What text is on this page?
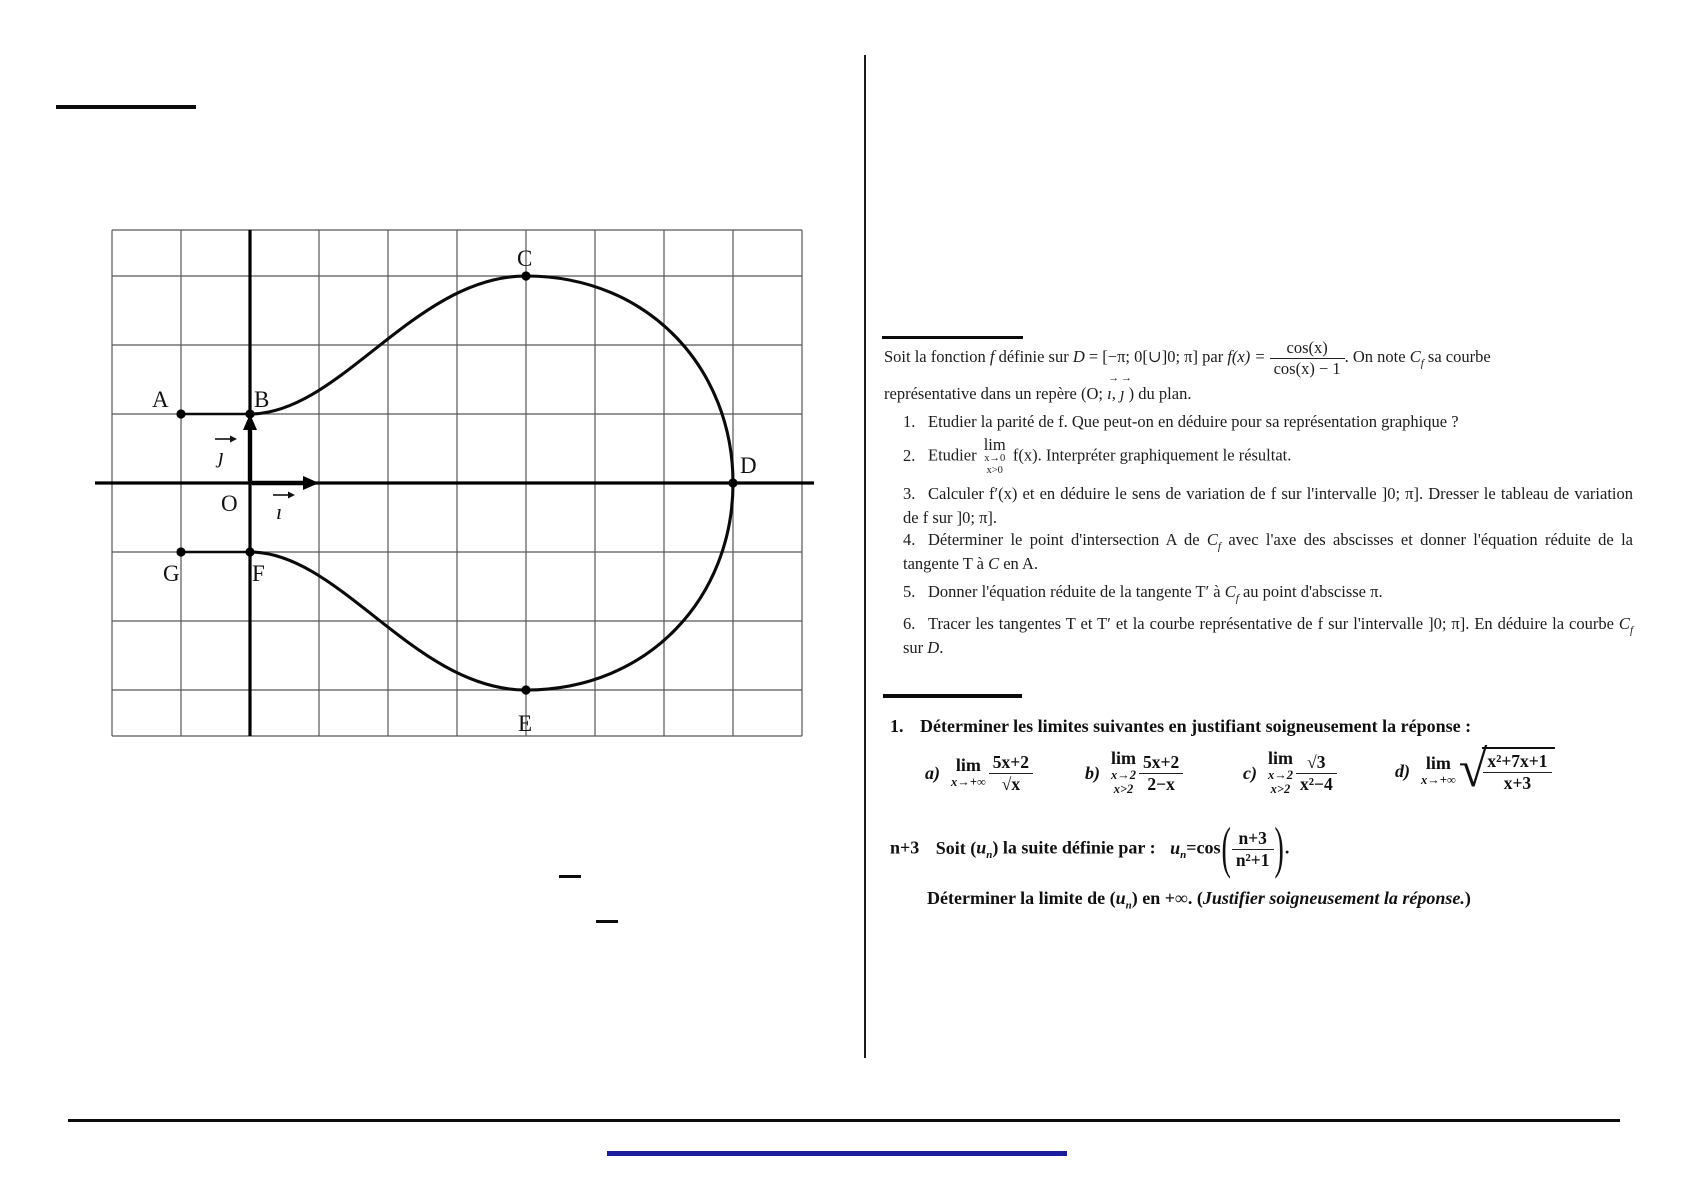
A	B
C
D
E
F
G
O
ȷ
ı
Soit la fonction f définie sur D = [−π; 0[∪]0; π] par $f(x) = \frac{\cos(x)}{\cos(x) - 1}$ . On note $C_f$ sa courbe
représentative dans un repère (O; ı
→
, ȷ
→
) du plan.
1. Etudier la parité de f. Que peut-on en déduire pour sa représentation graphique ?
2. Etudier
lim
x→0
x>0
f(x). Interpréter graphiquement le résultat.
3. Calculer f′(x) et en déduire le sens de variation de f sur l'intervalle ]0; π]. Dresser le tableau de variation de f sur ]0; π].
4. Déterminer le point d'intersection A de $C_f$ avec l'axe des abscisses et donner l'équation réduite de la tangente T à C en A.
5. Donner l'équation réduite de la tangente T′ à $C_f$ au point d'abscisse π.
6. Tracer les tangentes T et T′ et la courbe représentative de f sur l'intervalle ]0; π]. En déduire la courbe $C_f$ sur D.
1. Déterminer les limites suivantes en justifiant soigneusement la réponse :
a) lim
$x\to+\infty \frac{5x+2}{√x}$	b)
lim
x→2
$x>2 \frac{5x+2}{2-x}$	c)
lim
x→2
$x>2 \frac{√3}{\text{x²−4}}$	d) lim
x→+∞ √
$\frac{\text{x²+7x+1}}{x+3}$
n+3 Soit $(u_n)$ la suite définie par : $u_n=\cos( \frac{n+3}{\text{n²+1}}$ ).
Déterminer la limite de $(u_n)$ en +∞. (Justifier soigneusement la réponse.)
